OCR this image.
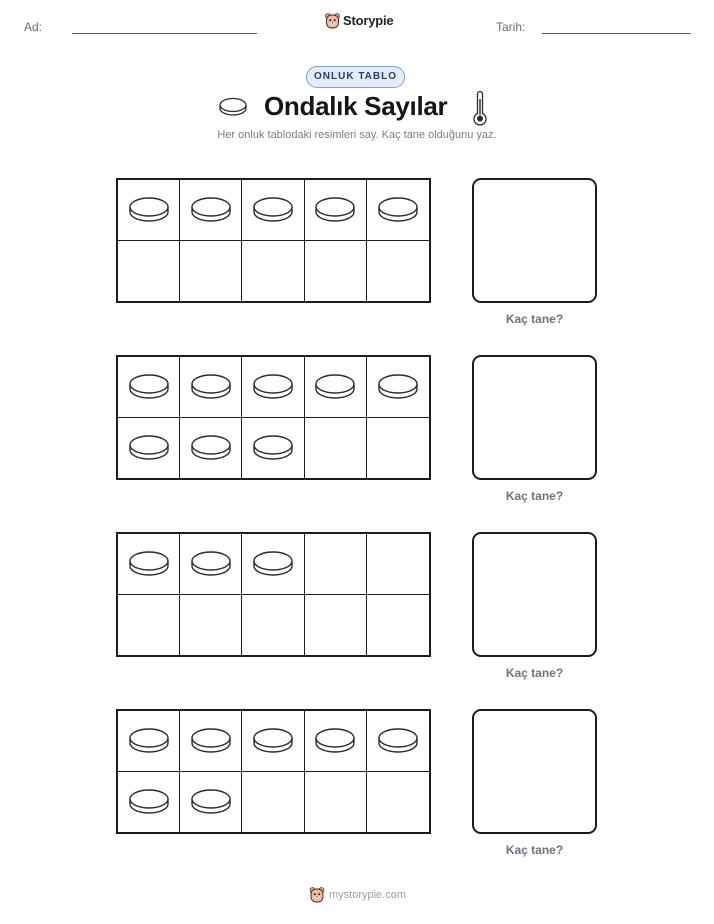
Ad:	Storypie	Tarih:
ONLUK TABLO
Ondalık Sayılar
Her onluk tablodaki resimleri say. Kaç tane olduğunu yaz.
Kaç tane?
Kaç tane?
Kaç tane?
Kaç tane?
mystorypie.com
